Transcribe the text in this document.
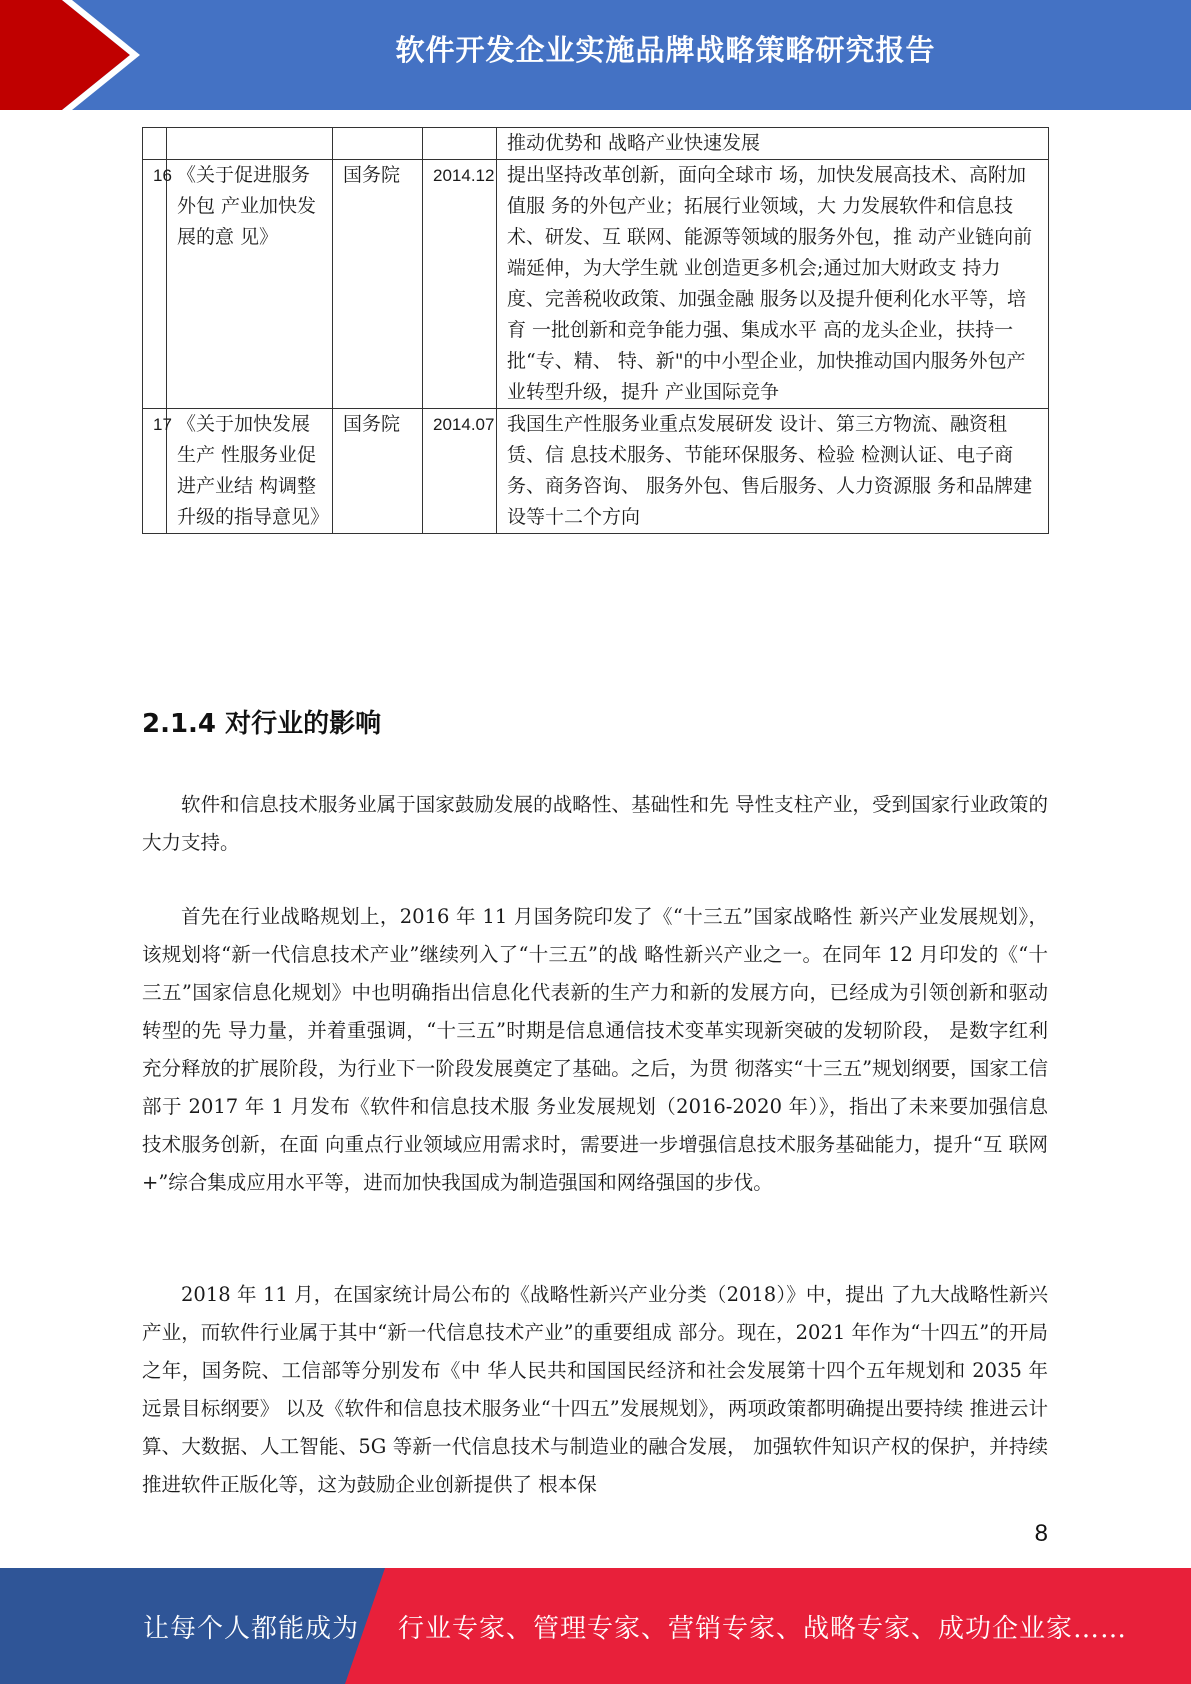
软件开发企业实施品牌战略策略研究报告
				推动优势和 战略产业快速发展
16	《关于促进服务外包 产业加快发展的意 见》	国务院	2014.12	提出坚持改革创新，面向全球市 场，加快发展高技术、高附加值服 务的外包产业；拓展行业领域，大 力发展软件和信息技术、研发、互 联网、能源等领域的服务外包，推 动产业链向前端延伸，为大学生就 业创造更多机会;通过加大财政支 持力度、完善税收政策、加强金融 服务以及提升便利化水平等，培育 一批创新和竞争能力强、集成水平 高的龙头企业，扶持一批“专、精、 特、新"的中小型企业，加快推动国内服务外包产业转型升级，提升 产业国际竞争
17	《关于加快发展生产 性服务业促进产业结 构调整升级的指导意见》	国务院	2014.07	我国生产性服务业重点发展研发 设计、第三方物流、融资租赁、信 息技术服务、节能环保服务、检验 检测认证、电子商务、商务咨询、 服务外包、售后服务、人力资源服 务和品牌建设等十二个方向
2.1.4 对行业的影响

软件和信息技术服务业属于国家鼓励发展的战略性、基础性和先 导性支柱产业，受到国家行业政策的大力支持。

首先在行业战略规划上，2016 年 11 月国务院印发了《“十三五”国家战略性 新兴产业发展规划》，该规划将“新一代信息技术产业”继续列入了“十三五”的战 略性新兴产业之一。在同年 12 月印发的《“十三五”国家信息化规划》中也明确指出信息化代表新的生产力和新的发展方向，已经成为引领创新和驱动转型的先 导力量，并着重强调，“十三五”时期是信息通信技术变革实现新突破的发轫阶段， 是数字红利充分释放的扩展阶段，为行业下一阶段发展奠定了基础。之后，为贯 彻落实“十三五”规划纲要，国家工信部于 2017 年 1 月发布《软件和信息技术服 务业发展规划（2016-2020 年）》，指出了未来要加强信息技术服务创新，在面 向重点行业领域应用需求时，需要进一步增强信息技术服务基础能力，提升“互 联网+”综合集成应用水平等，进而加快我国成为制造强国和网络强国的步伐。

2018 年 11 月，在国家统计局公布的《战略性新兴产业分类（2018）》中，提出 了九大战略性新兴产业，而软件行业属于其中“新一代信息技术产业”的重要组成 部分。现在，2021 年作为“十四五”的开局之年，国务院、工信部等分别发布《中 华人民共和国国民经济和社会发展第十四个五年规划和 2035 年远景目标纲要》 以及《软件和信息技术服务业“十四五”发展规划》，两项政策都明确提出要持续 推进云计算、大数据、人工智能、5G 等新一代信息技术与制造业的融合发展， 加强软件知识产权的保护，并持续推进软件正版化等，这为鼓励企业创新提供了 根本保

8
让每个人都能成为 行业专家、管理专家、营销专家、战略专家、成功企业家……
